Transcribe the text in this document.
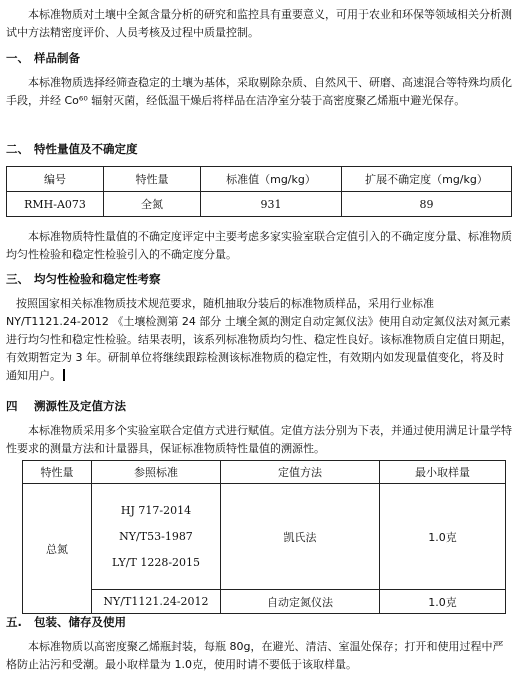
本标准物质对土壤中全氮含量分析的研究和监控具有重要意义，可用于农业和环保等领域相关分析测试中方法精密度评价、人员考核及过程中质量控制。

一、 样品制备

本标准物质选择经筛查稳定的土壤为基体，采取剔除杂质、自然风干、研磨、高速混合等特殊均质化手段，并经 Co⁶⁰ 辐射灭菌，经低温干燥后将样品在洁净室分装于高密度聚乙烯瓶中避光保存。

二、 特性量值及不确定度
编号	特性量	标准值（mg/kg）	扩展不确定度（mg/kg）
RMH-A073	全氮	931	89

本标准物质特性量值的不确定度评定中主要考虑多家实验室联合定值引入的不确定度分量、标准物质均匀性检验和稳定性检验引入的不确定度分量。

三、 均匀性检验和稳定性考察

按照国家相关标准物质技术规范要求，随机抽取分装后的标准物质样品，采用行业标准 NY/T1121.24-2012 《土壤检测第 24 部分 土壤全氮的测定自动定氮仪法》使用自动定氮仪法对氮元素进行均匀性和稳定性检验。结果表明，该系列标准物质均匀性、稳定性良好。该标准物质自定值日期起，有效期暂定为 3 年。研制单位将继续跟踪检测该标准物质的稳定性，有效期内如发现量值变化，将及时通知用户。

四 溯源性及定值方法

本标准物质采用多个实验室联合定值方式进行赋值。定值方法分别为下表，并通过使用满足计量学特性要求的测量方法和计量器具，保证标准物质特性量值的溯源性。

特性量	参照标准	定值方法	最小取样量
总氮	HJ 717-2014
NY/T53-1987
LY/T 1228-2015	凯氏法	1.0克
	NY/T1121.24-2012	自动定氮仪法	1.0克
五. 包装、储存及使用

本标准物质以高密度聚乙烯瓶封装，每瓶 80g，在避光、清洁、室温处保存；打开和使用过程中严格防止沾污和受潮。最小取样量为 1.0克，使用时请不要低于该取样量。
